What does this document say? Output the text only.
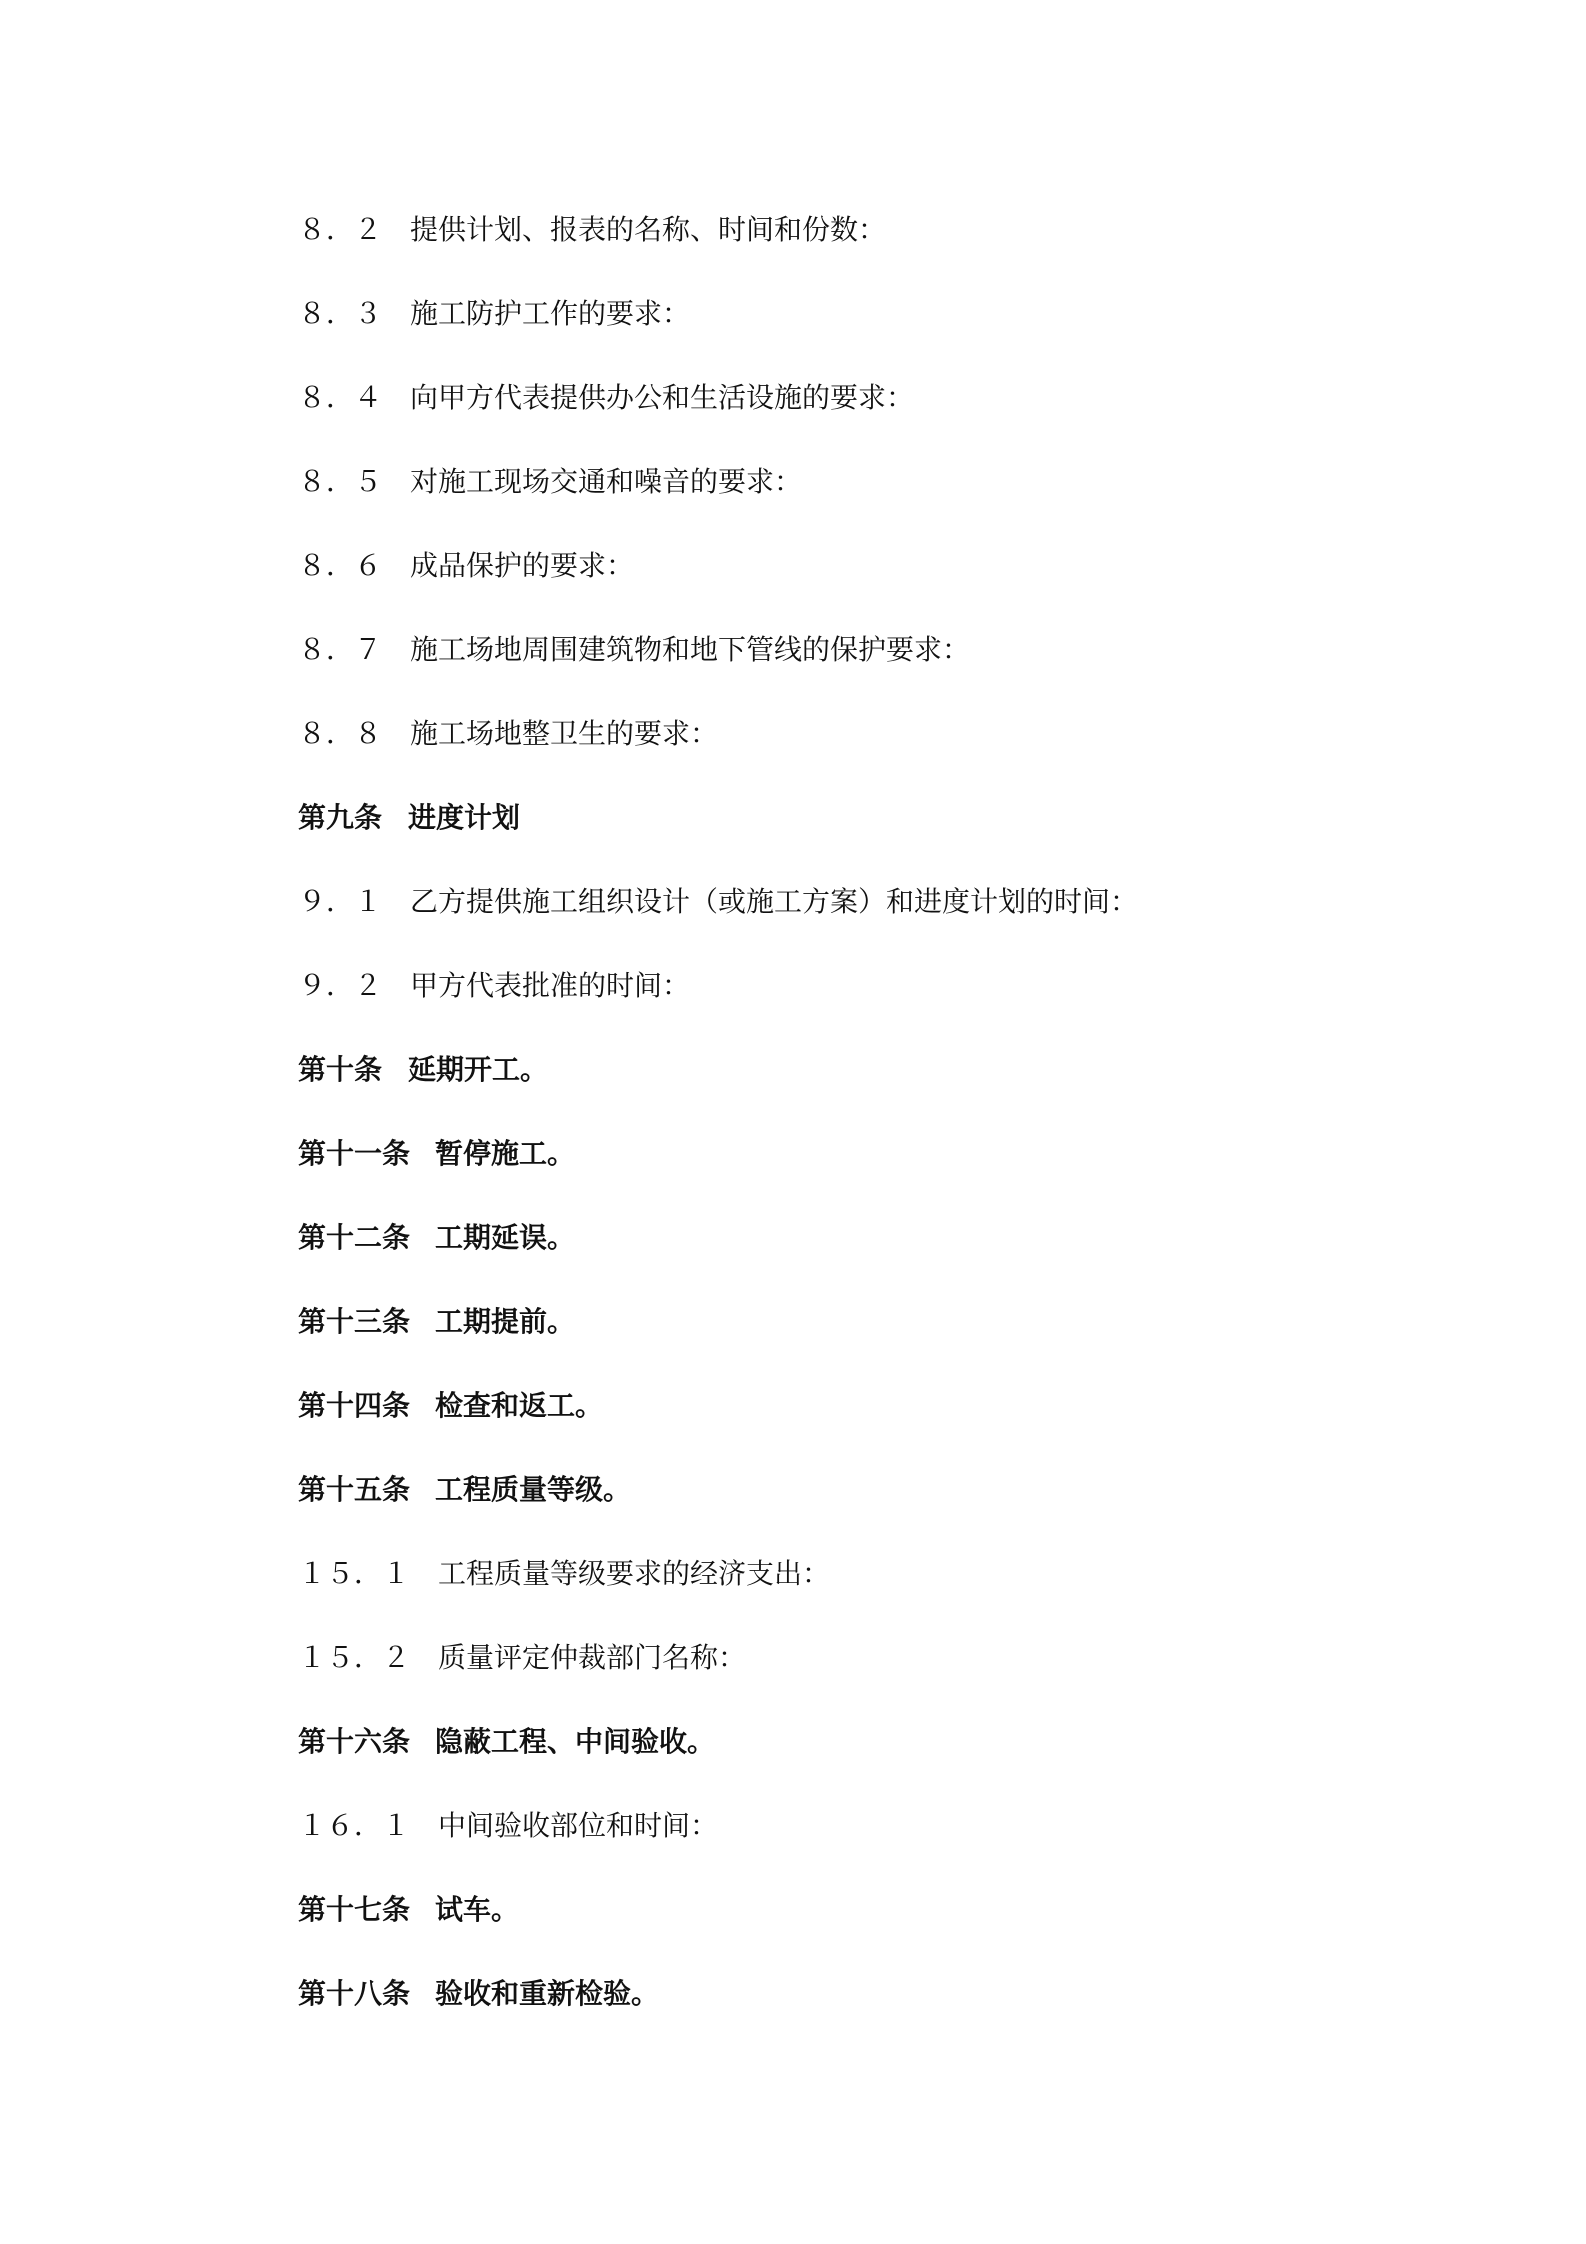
８．２ 提供计划、报表的名称、时间和份数：
８．３ 施工防护工作的要求：
８．４ 向甲方代表提供办公和生活设施的要求：
８．５ 对施工现场交通和噪音的要求：
８．６ 成品保护的要求：
８．７ 施工场地周围建筑物和地下管线的保护要求：
８．８ 施工场地整卫生的要求：
第九条 进度计划
９．１ 乙方提供施工组织设计（或施工方案）和进度计划的时间：
９．２ 甲方代表批准的时间：
第十条 延期开工。
第十一条 暂停施工。
第十二条 工期延误。
第十三条 工期提前。
第十四条 检查和返工。
第十五条 工程质量等级。
１５．１ 工程质量等级要求的经济支出：
１５．２ 质量评定仲裁部门名称：
第十六条 隐蔽工程、中间验收。
１６．１ 中间验收部位和时间：
第十七条 试车。
第十八条 验收和重新检验。
